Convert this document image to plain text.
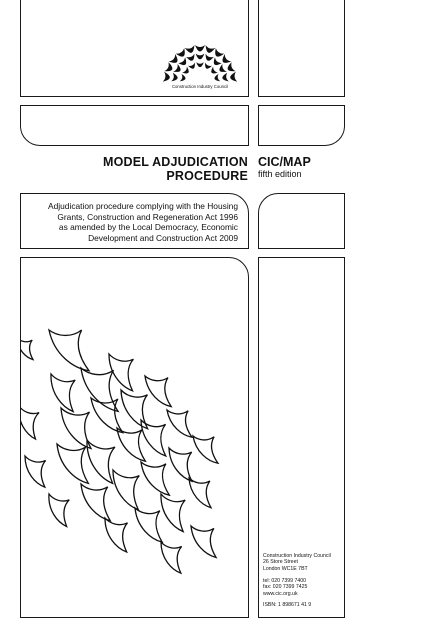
Adjudication procedure complying with the Housing
Grants, Construction and Regeneration Act 1996
as amended by the Local Democracy, Economic
Development and Construction Act 2009
Construction Industry Council
MODEL ADJUDICATION
PROCEDURE
CIC/MAP
fifth edition
Construction Industry Council
26 Store Street
London WC1E 7BT
tel: 020 7399 7400
fax: 020 7399 7425
www.cic.org.uk
ISBN: 1 898671 41 9
